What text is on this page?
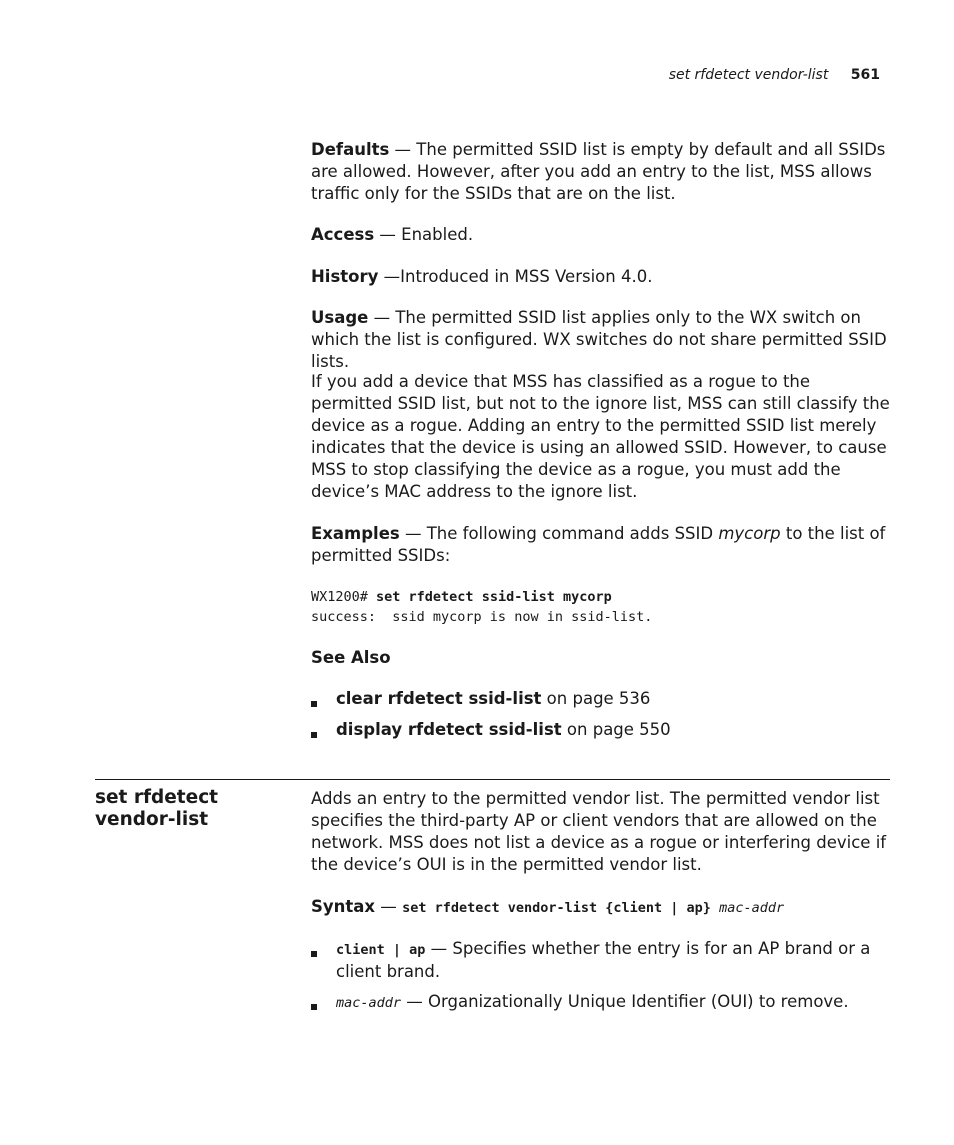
set rfdetect vendor-list 561

Defaults — The permitted SSID list is empty by default and all SSIDs are allowed. However, after you add an entry to the list, MSS allows traffic only for the SSIDs that are on the list.

Access — Enabled.

History —Introduced in MSS Version 4.0.

Usage — The permitted SSID list applies only to the WX switch on which the list is configured. WX switches do not share permitted SSID lists.

If you add a device that MSS has classified as a rogue to the permitted SSID list, but not to the ignore list, MSS can still classify the device as a rogue. Adding an entry to the permitted SSID list merely indicates that the device is using an allowed SSID. However, to cause MSS to stop classifying the device as a rogue, you must add the device’s MAC address to the ignore list.

Examples — The following command adds SSID mycorp to the list of permitted SSIDs:

WX1200# set rfdetect ssid-list mycorp
success:  ssid mycorp is now in ssid-list.

See Also

clear rfdetect ssid-list on page 536

display rfdetect ssid-list on page 550

set rfdetect
vendor-list

Adds an entry to the permitted vendor list. The permitted vendor list specifies the third-party AP or client vendors that are allowed on the network. MSS does not list a device as a rogue or interfering device if the device’s OUI is in the permitted vendor list.

Syntax — set rfdetect vendor-list {client | ap} mac-addr

client | ap — Specifies whether the entry is for an AP brand or a client brand.

mac-addr — Organizationally Unique Identifier (OUI) to remove.
